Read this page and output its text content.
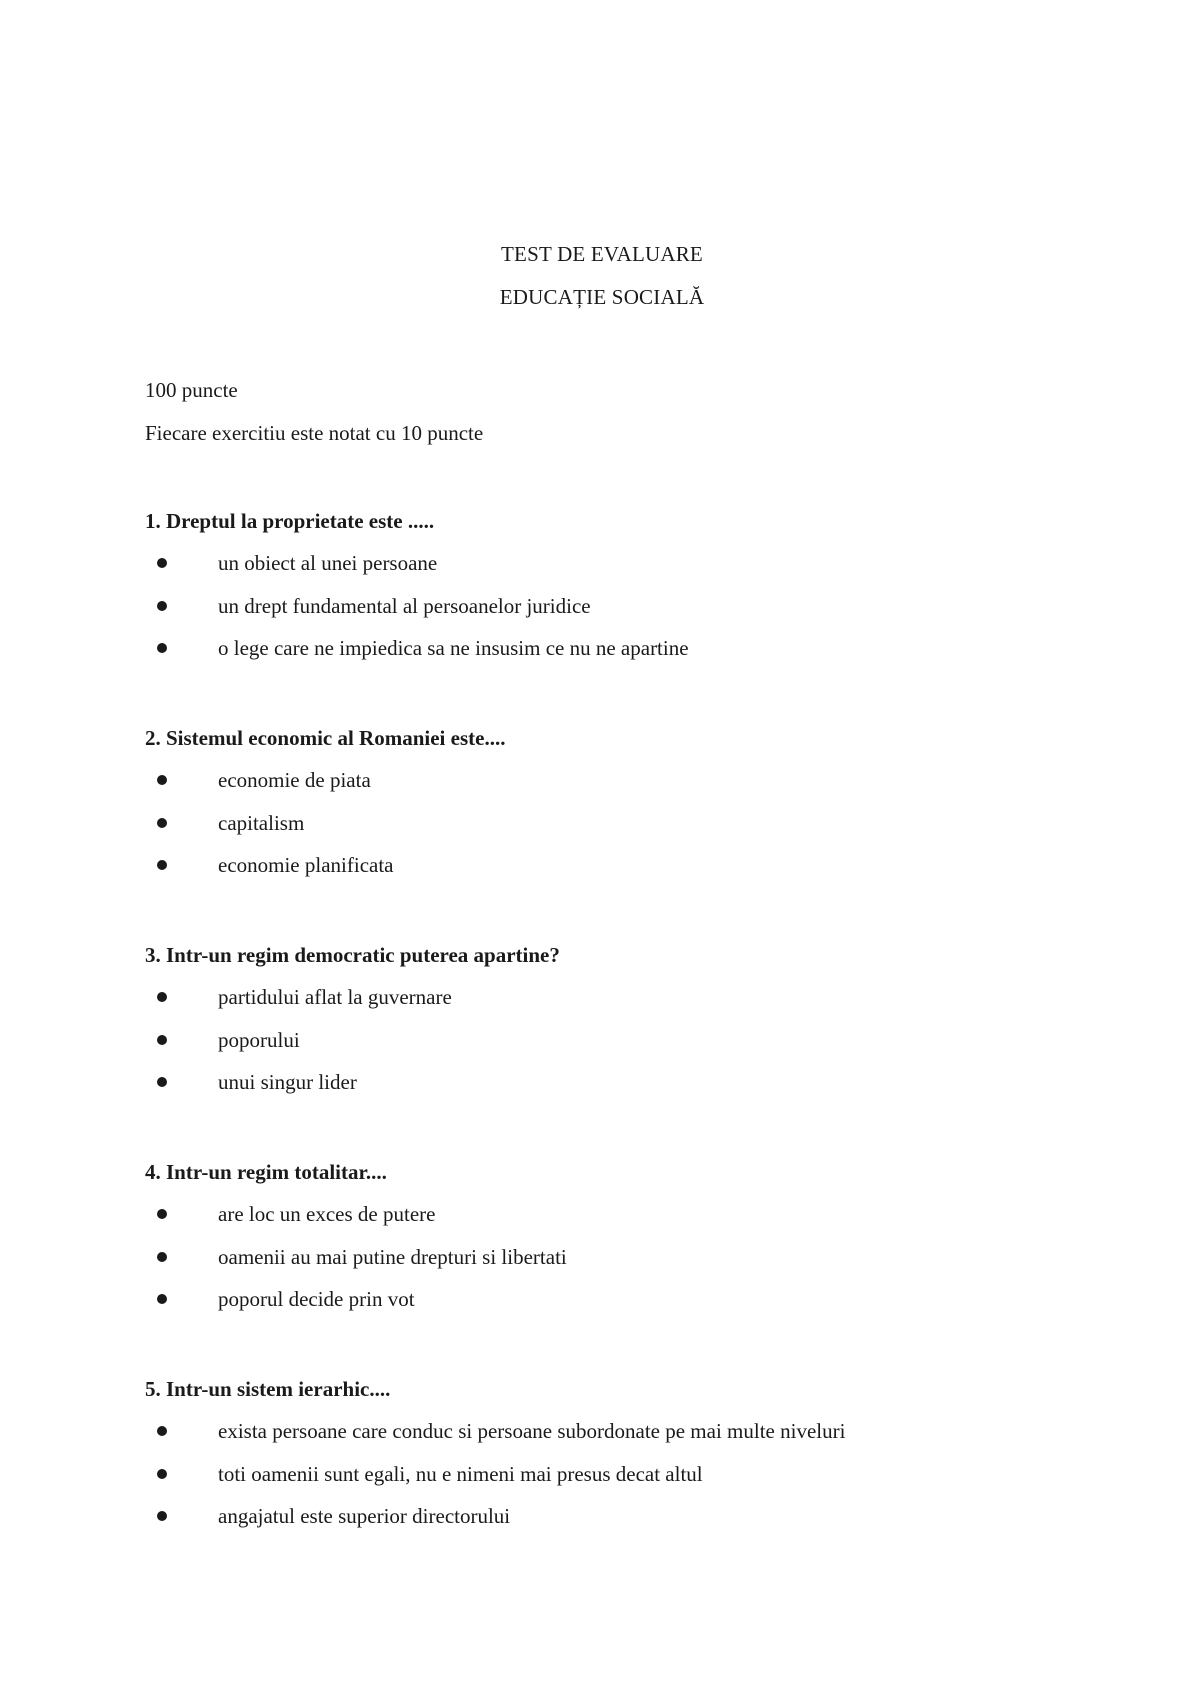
TEST DE EVALUARE
EDUCAȚIE SOCIALĂ
100 puncte
Fiecare exercitiu este notat cu 10 puncte
1. Dreptul la proprietate este .....
un obiect al unei persoane
un drept fundamental al persoanelor juridice
o lege care ne impiedica sa ne insusim ce nu ne apartine
2. Sistemul economic al Romaniei este....
economie de piata
capitalism
economie planificata
3. Intr-un regim democratic puterea apartine?
partidului aflat la guvernare
poporului
unui singur lider
4. Intr-un regim totalitar....
are loc un exces de putere
oamenii au mai putine drepturi si libertati
poporul decide prin vot
5. Intr-un sistem ierarhic....
exista persoane care conduc si persoane subordonate pe mai multe niveluri
toti oamenii sunt egali, nu e nimeni mai presus decat altul
angajatul este superior directorului
